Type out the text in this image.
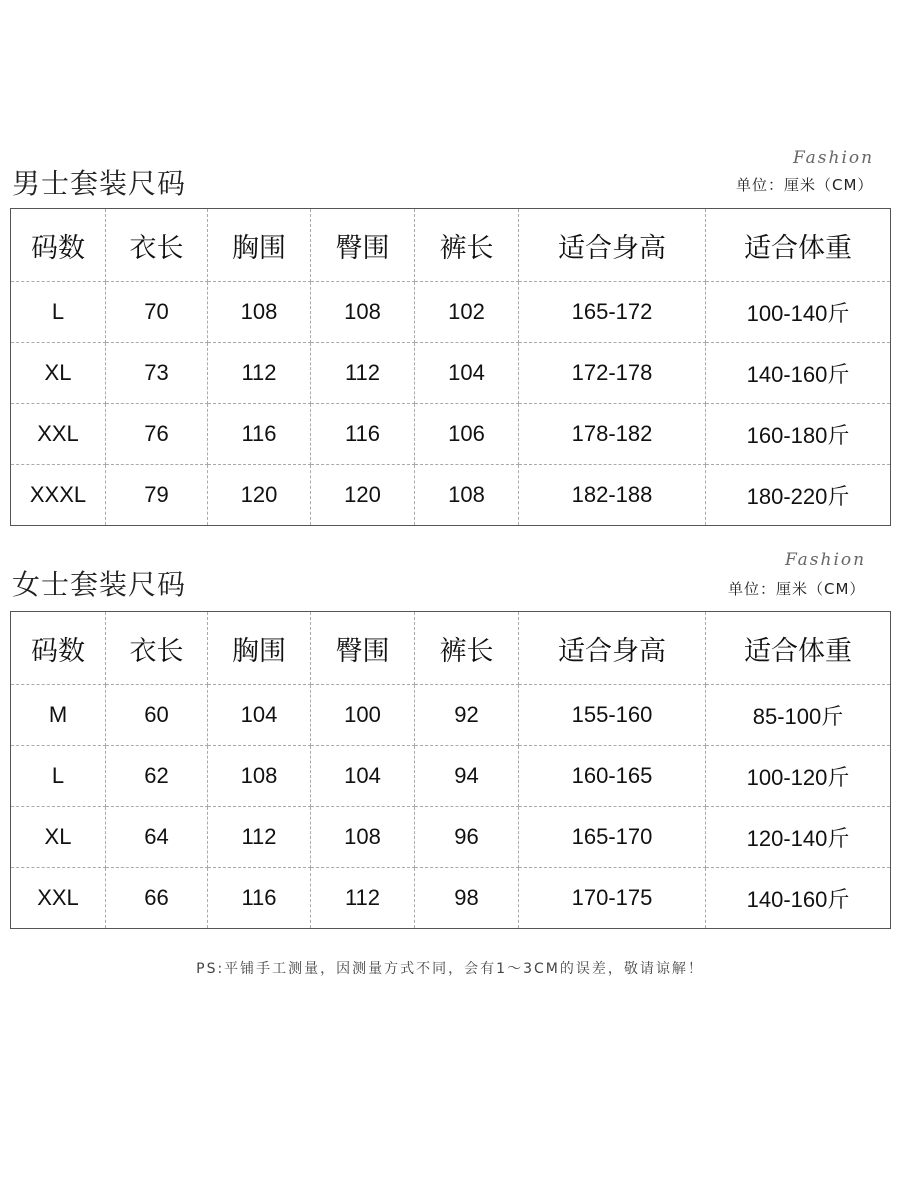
Fashion
男士套装尺码	单位：厘米（CM）
码数	衣长	胸围	臀围	裤长	适合身高	适合体重
L	70	108	108	102	165-172	100-140斤
XL	73	112	112	104	172-178	140-160斤
XXL	76	116	116	106	178-182	160-180斤
XXXL	79	120	120	108	182-188	180-220斤
Fashion
女士套装尺码	单位：厘米（CM）
码数	衣长	胸围	臀围	裤长	适合身高	适合体重
M	60	104	100	92	155-160	85-100斤
L	62	108	104	94	160-165	100-120斤
XL	64	112	108	96	165-170	120-140斤
XXL	66	116	112	98	170-175	140-160斤
PS:平铺手工测量，因测量方式不同，会有1～3CM的误差，敬请谅解！
